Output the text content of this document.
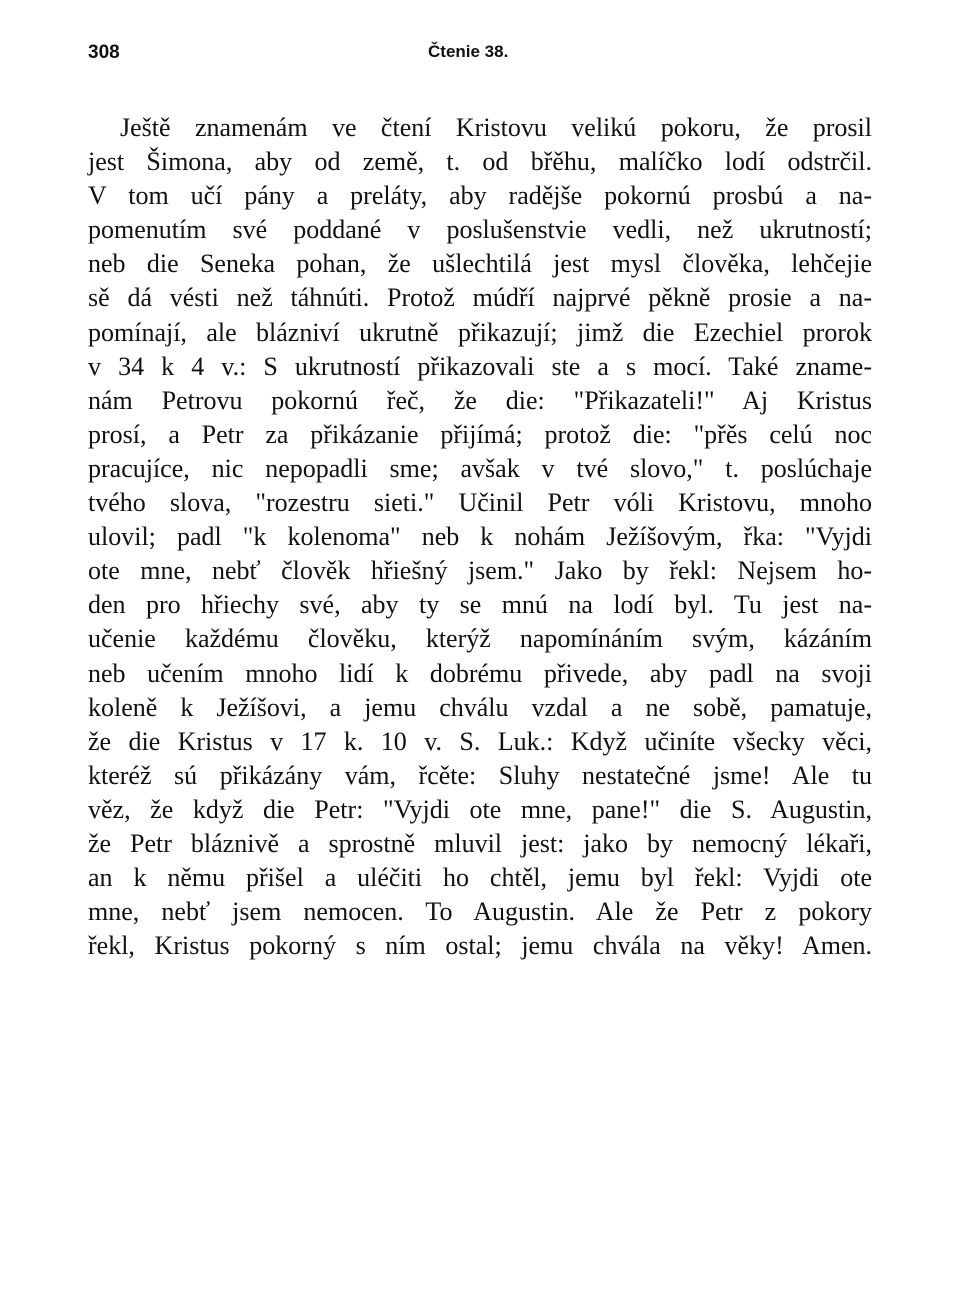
308	Čtenie 38.
Ještě znamenám ve čtení Kristovu velikú pokoru, že prosil
jest Šimona, aby od země, t. od břěhu, malíčko lodí odstrčil.
V tom učí pány a preláty, aby radějše pokornú prosbú a na-
pomenutím své poddané v poslušenstvie vedli, než ukrutností;
neb die Seneka pohan, že ušlechtilá jest mysl člověka, lehčejie
sě dá vésti než táhnúti. Protož múdří najprvé pěkně prosie a na-
pomínají, ale blázniví ukrutně přikazují; jimž die Ezechiel prorok
v 34 k 4 v.: S ukrutností přikazovali ste a s mocí. Také zname-
nám Petrovu pokornú řeč, že die: "Přikazateli!" Aj Kristus
prosí, a Petr za přikázanie přijímá; protož die: "přěs celú noc
pracujíce, nic nepopadli sme; avšak v tvé slovo," t. poslúchaje
tvého slova, "rozestru sieti." Učinil Petr vóli Kristovu, mnoho
ulovil; padl "k kolenoma" neb k nohám Ježíšovým, řka: "Vyjdi
ote mne, nebť člověk hřiešný jsem." Jako by řekl: Nejsem ho-
den pro hřiechy své, aby ty se mnú na lodí byl. Tu jest na-
učenie každému člověku, kterýž napomínáním svým, kázáním
neb učením mnoho lidí k dobrému přivede, aby padl na svoji
koleně k Ježíšovi, a jemu chválu vzdal a ne sobě, pamatuje,
že die Kristus v 17 k. 10 v. S. Luk.: Když učiníte všecky věci,
kteréž sú přikázány vám, řcěte: Sluhy nestatečné jsme! Ale tu
věz, že když die Petr: "Vyjdi ote mne, pane!" die S. Augustin,
že Petr bláznivě a sprostně mluvil jest: jako by nemocný lékaři,
an k němu přišel a uléčiti ho chtěl, jemu byl řekl: Vyjdi ote
mne, nebť jsem nemocen. To Augustin. Ale že Petr z pokory
řekl, Kristus pokorný s ním ostal; jemu chvála na věky! Amen.
